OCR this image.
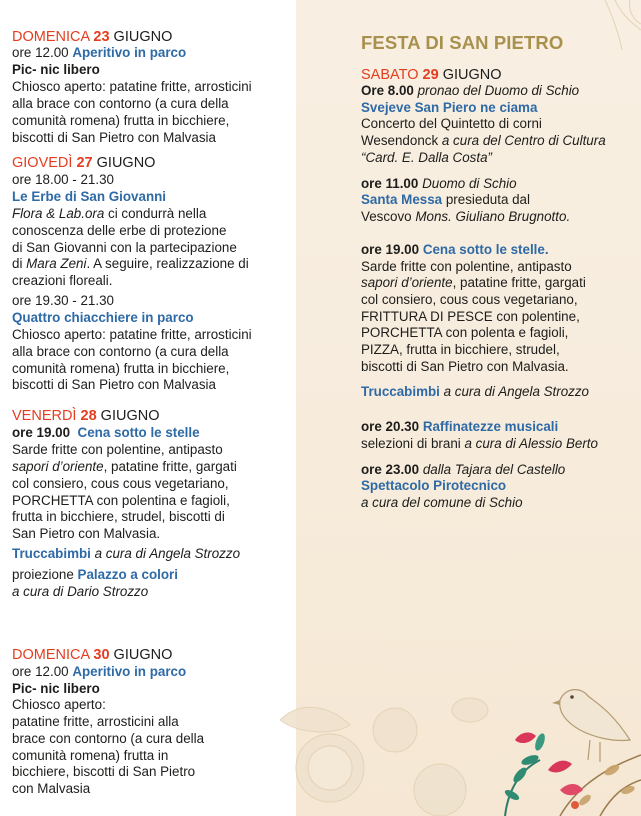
DOMENICA 23 GIUGNO
ore 12.00 Aperitivo in parco
Pic- nic libero
Chiosco aperto: patatine fritte, arrosticini
alla brace con contorno (a cura della
comunità romena) frutta in bicchiere,
biscotti di San Pietro con Malvasia
GIOVEDÌ 27 GIUGNO
ore 18.00 - 21.30
Le Erbe di San Giovanni
Flora & Lab.ora ci condurrà nella
conoscenza delle erbe di protezione
di San Giovanni con la partecipazione
di Mara Zeni. A seguire, realizzazione di
creazioni floreali.
ore 19.30 - 21.30
Quattro chiacchiere in parco
Chiosco aperto: patatine fritte, arrosticini
alla brace con contorno (a cura della
comunità romena) frutta in bicchiere,
biscotti di San Pietro con Malvasia
VENERDÌ 28 GIUGNO
ore 19.00 Cena sotto le stelle
Sarde fritte con polentine, antipasto
sapori d’oriente, patatine fritte, gargati
col consiero, cous cous vegetariano,
PORCHETTA con polentina e fagioli,
frutta in bicchiere, strudel, biscotti di
San Pietro con Malvasia.
Truccabimbi a cura di Angela Strozzo
proiezione Palazzo a colori
a cura di Dario Strozzo
DOMENICA 30 GIUGNO
ore 12.00 Aperitivo in parco
Pic- nic libero
Chiosco aperto:
patatine fritte, arrosticini alla
brace con contorno (a cura della
comunità romena) frutta in
bicchiere, biscotti di San Pietro
con Malvasia
FESTA DI SAN PIETRO
SABATO 29 GIUGNO
Ore 8.00 pronao del Duomo di Schio
Svejeve San Piero ne ciama
Concerto del Quintetto di corni
Wesendonck a cura del Centro di Cultura
“Card. E. Dalla Costa”
ore 11.00 Duomo di Schio
Santa Messa presieduta dal
Vescovo Mons. Giuliano Brugnotto.
ore 19.00 Cena sotto le stelle.
Sarde fritte con polentine, antipasto
sapori d’oriente, patatine fritte, gargati
col consiero, cous cous vegetariano,
FRITTURA DI PESCE con polentine,
PORCHETTA con polenta e fagioli,
PIZZA, frutta in bicchiere, strudel,
biscotti di San Pietro con Malvasia.
Truccabimbi a cura di Angela Strozzo
ore 20.30 Raffinatezze musicali
selezioni di brani a cura di Alessio Berto
ore 23.00 dalla Tajara del Castello
Spettacolo Pirotecnico
a cura del comune di Schio
